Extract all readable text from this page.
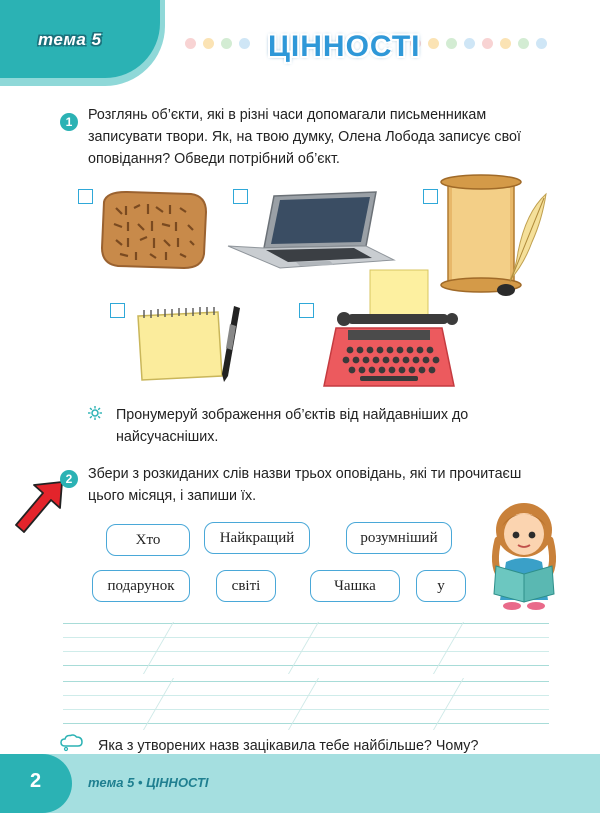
тема 5	ЦІННОСТІ
1	Розглянь об’єкти, які в різні часи допомагали письменникам записувати твори. Як, на твою думку, Олена Лобода записує свої оповідання? Обведи потрібний об’єкт.
Пронумеруй зображення об’єктів від найдавніших до найсучасніших.
2	Збери з розкиданих слів назви трьох оповідань, які ти прочитаєш цього місяця, і запиши їх.
Хто	Найкращий	розумніший
подарунок	світі	Чашка	у
Яка з утворених назв зацікавила тебе найбільше? Чому?
2	тема 5 • ЦІННОСТІ
